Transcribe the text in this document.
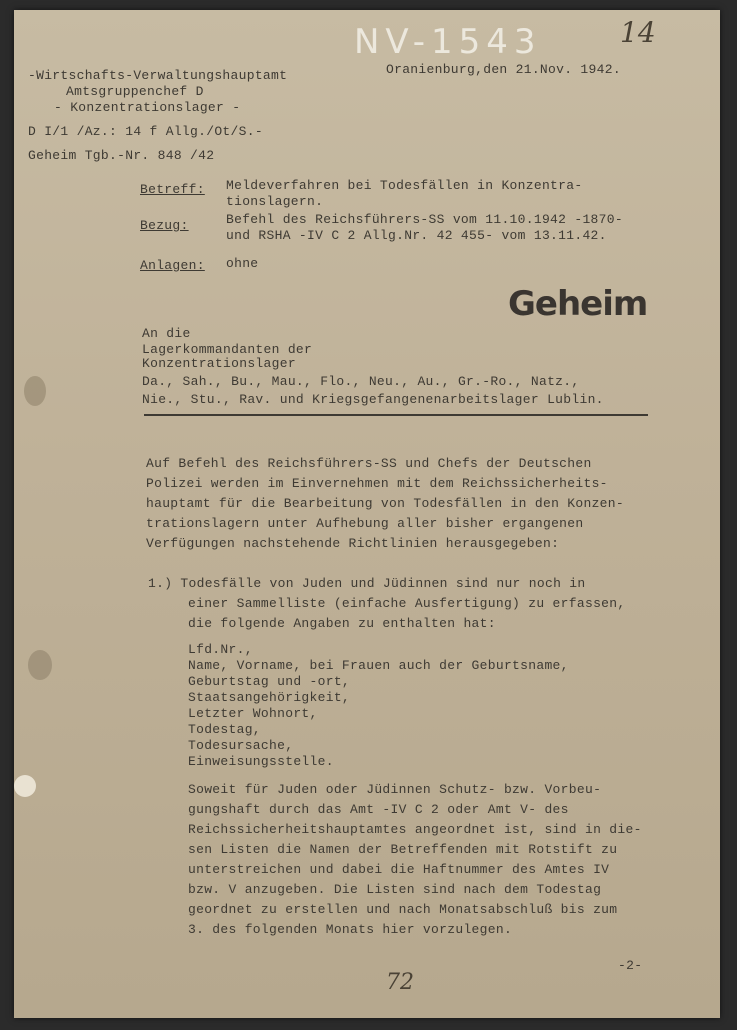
NV-1543	14
-Wirtschafts-Verwaltungshauptamt	Oranienburg,den 21.Nov. 1942.
Amtsgruppenchef D
- Konzentrationslager -
D I/1 /Az.: 14 f Allg./Ot/S.-
Geheim Tgb.-Nr. 848 /42
Betreff: Meldeverfahren bei Todesfällen in Konzentra-
tionslagern.
Bezug:	Befehl des Reichsführers-SS vom 11.10.1942 -1870-
und RSHA -IV C 2 Allg.Nr. 42 455- vom 13.11.42.
Anlagen: ohne
Geheim
An die
Lagerkommandanten der
Konzentrationslager
Da., Sah., Bu., Mau., Flo., Neu., Au., Gr.-Ro., Natz.,
Nie., Stu., Rav. und Kriegsgefangenenarbeitslager Lublin.
Auf Befehl des Reichsführers-SS und Chefs der Deutschen
Polizei werden im Einvernehmen mit dem Reichssicherheits-
hauptamt für die Bearbeitung von Todesfällen in den Konzen-
trationslagern unter Aufhebung aller bisher ergangenen
Verfügungen nachstehende Richtlinien herausgegeben:
1.) Todesfälle von Juden und Jüdinnen sind nur noch in
einer Sammelliste (einfache Ausfertigung) zu erfassen,
die folgende Angaben zu enthalten hat:
Lfd.Nr.,
Name, Vorname, bei Frauen auch der Geburtsname,
Geburtstag und -ort,
Staatsangehörigkeit,
Letzter Wohnort,
Todestag,
Todesursache,
Einweisungsstelle.
Soweit für Juden oder Jüdinnen Schutz- bzw. Vorbeu-
gungshaft durch das Amt -IV C 2 oder Amt V- des
Reichssicherheitshauptamtes angeordnet ist, sind in die-
sen Listen die Namen der Betreffenden mit Rotstift zu
unterstreichen und dabei die Haftnummer des Amtes IV
bzw. V anzugeben. Die Listen sind nach dem Todestag
geordnet zu erstellen und nach Monatsabschluß bis zum
3. des folgenden Monats hier vorzulegen.
-2-
72
